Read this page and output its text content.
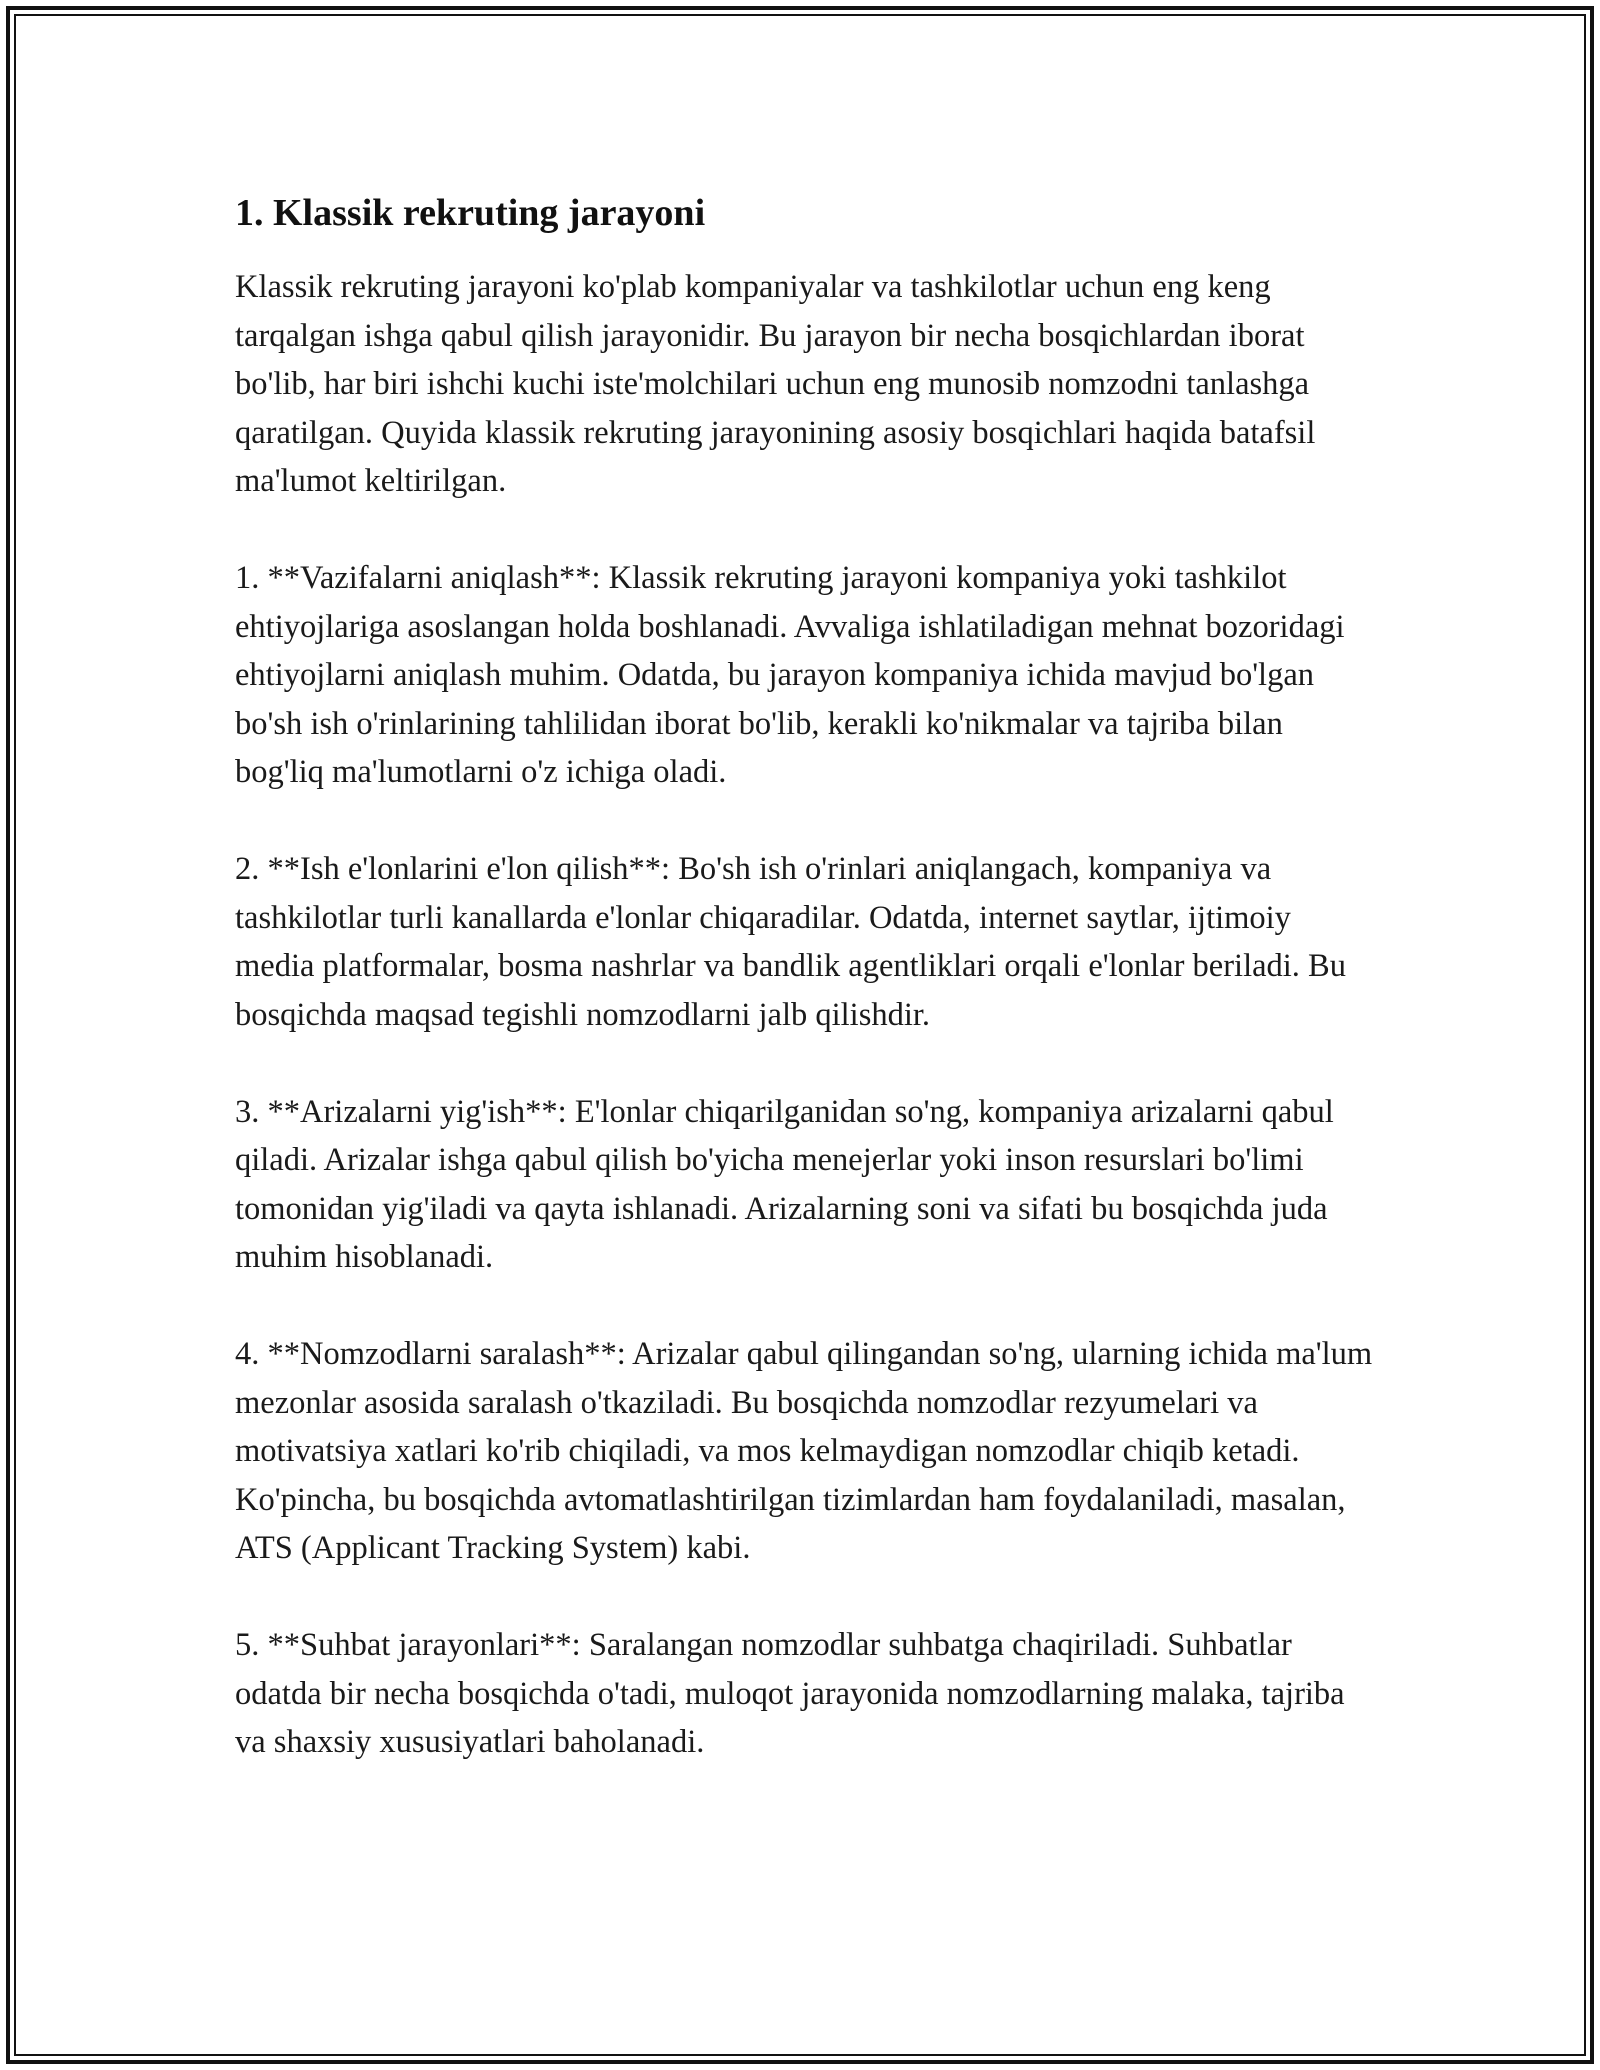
1. Klassik rekruting jarayoni

Klassik rekruting jarayoni ko'plab kompaniyalar va tashkilotlar uchun eng keng tarqalgan ishga qabul qilish jarayonidir. Bu jarayon bir necha bosqichlardan iborat bo'lib, har biri ishchi kuchi iste'molchilari uchun eng munosib nomzodni tanlashga qaratilgan. Quyida klassik rekruting jarayonining asosiy bosqichlari haqida batafsil ma'lumot keltirilgan.

1. **Vazifalarni aniqlash**: Klassik rekruting jarayoni kompaniya yoki tashkilot ehtiyojlariga asoslangan holda boshlanadi. Avvaliga ishlatiladigan mehnat bozoridagi ehtiyojlarni aniqlash muhim. Odatda, bu jarayon kompaniya ichida mavjud bo'lgan bo'sh ish o'rinlarining tahlilidan iborat bo'lib, kerakli ko'nikmalar va tajriba bilan bog'liq ma'lumotlarni o'z ichiga oladi.

2. **Ish e'lonlarini e'lon qilish**: Bo'sh ish o'rinlari aniqlangach, kompaniya va tashkilotlar turli kanallarda e'lonlar chiqaradilar. Odatda, internet saytlar, ijtimoiy media platformalar, bosma nashrlar va bandlik agentliklari orqali e'lonlar beriladi. Bu bosqichda maqsad tegishli nomzodlarni jalb qilishdir.

3. **Arizalarni yig'ish**: E'lonlar chiqarilganidan so'ng, kompaniya arizalarni qabul qiladi. Arizalar ishga qabul qilish bo'yicha menejerlar yoki inson resurslari bo'limi tomonidan yig'iladi va qayta ishlanadi. Arizalarning soni va sifati bu bosqichda juda muhim hisoblanadi.

4. **Nomzodlarni saralash**: Arizalar qabul qilingandan so'ng, ularning ichida ma'lum mezonlar asosida saralash o'tkaziladi. Bu bosqichda nomzodlar rezyumelari va motivatsiya xatlari ko'rib chiqiladi, va mos kelmaydigan nomzodlar chiqib ketadi. Ko'pincha, bu bosqichda avtomatlashtirilgan tizimlardan ham foydalaniladi, masalan, ATS (Applicant Tracking System) kabi.

5. **Suhbat jarayonlari**: Saralangan nomzodlar suhbatga chaqiriladi. Suhbatlar odatda bir necha bosqichda o'tadi, muloqot jarayonida nomzodlarning malaka, tajriba va shaxsiy xususiyatlari baholanadi.
